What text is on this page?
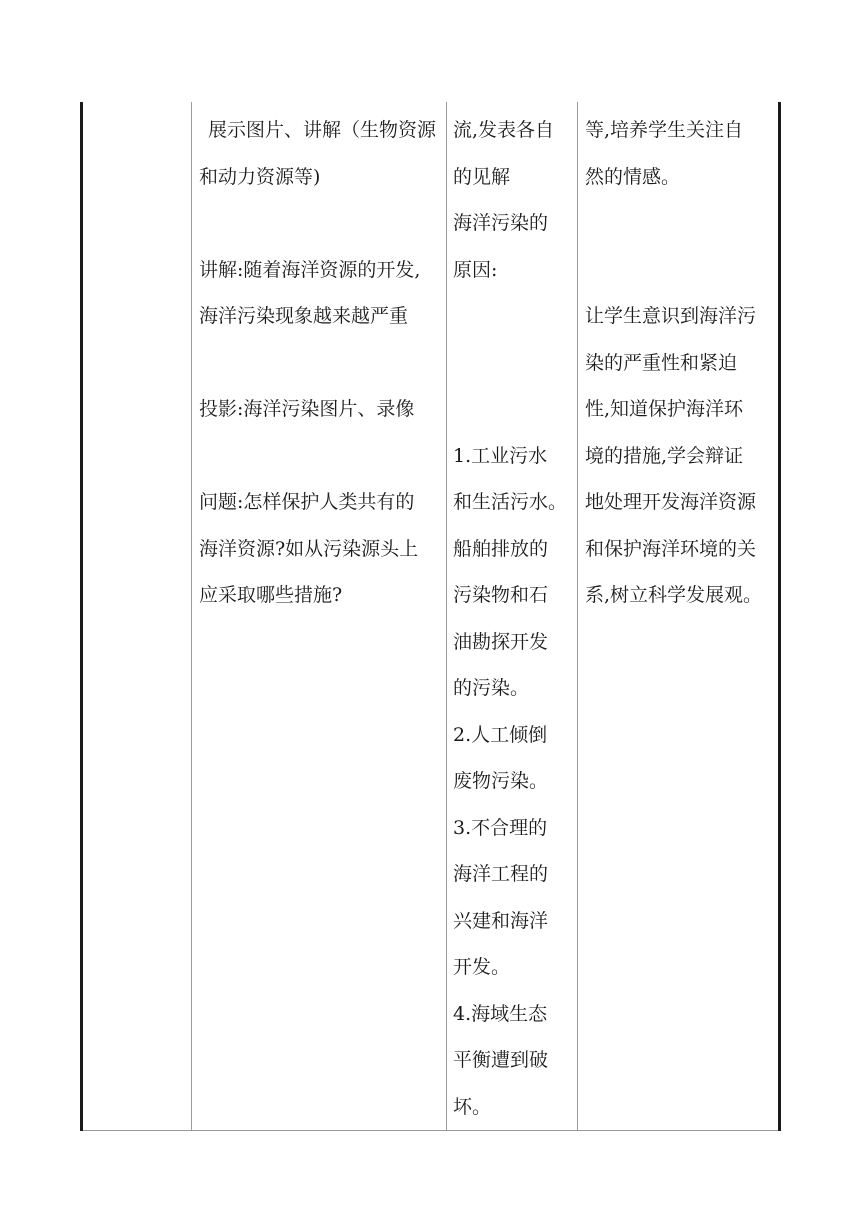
展示图片、讲解（生物资源
和动力资源等)
讲解:随着海洋资源的开发,
海洋污染现象越来越严重
投影:海洋污染图片、录像
问题:怎样保护人类共有的
海洋资源?如从污染源头上
应采取哪些措施?

流,发表各自
的见解
海洋污染的
原因:
1.工业污水
和生活污水。
船舶排放的
污染物和石
油勘探开发
的污染。
2.人工倾倒
废物污染。
3.不合理的
海洋工程的
兴建和海洋
开发。
4.海域生态
平衡遭到破
坏。

等,培养学生关注自
然的情感。
让学生意识到海洋污
染的严重性和紧迫
性,知道保护海洋环
境的措施,学会辩证
地处理开发海洋资源
和保护海洋环境的关
系,树立科学发展观。
